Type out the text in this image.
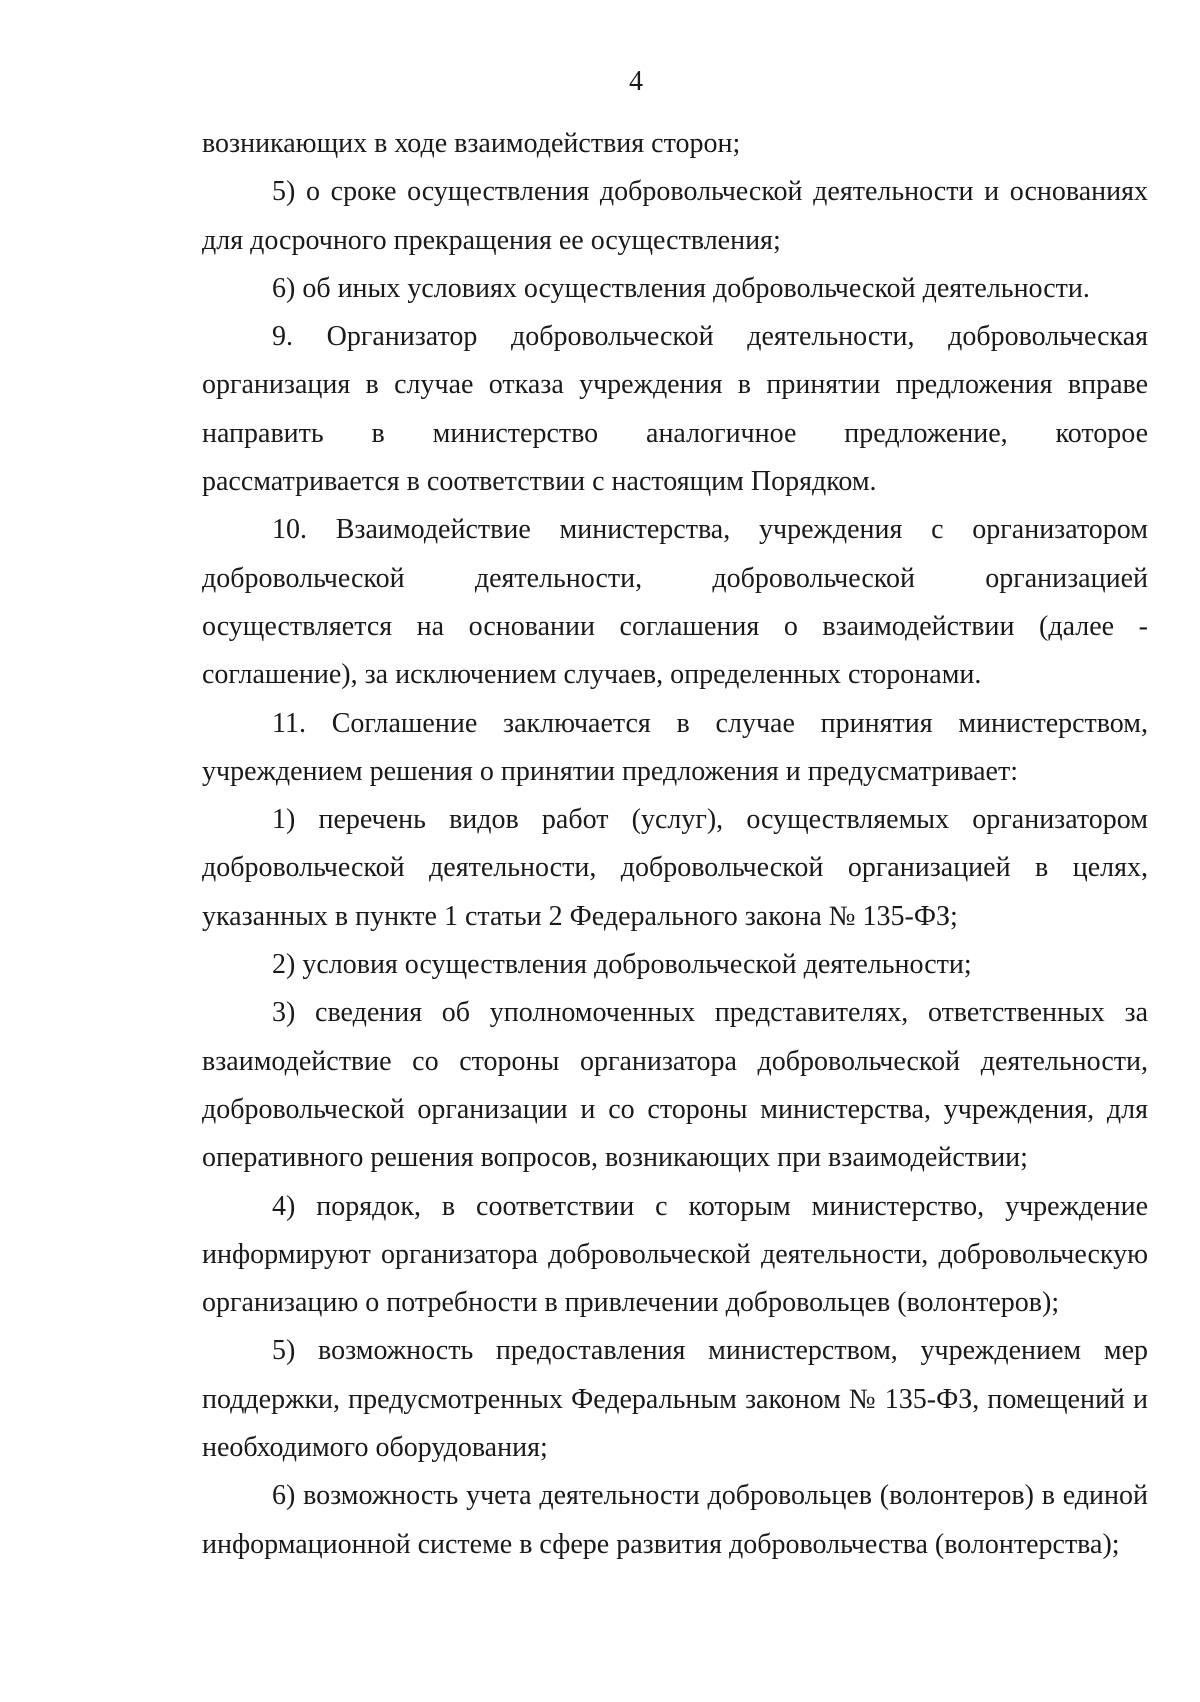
4

возникающих в ходе взаимодействия сторон;

5) о сроке осуществления добровольческой деятельности и основаниях для досрочного прекращения ее осуществления;

6) об иных условиях осуществления добровольческой деятельности.

9. Организатор добровольческой деятельности, добровольческая организация в случае отказа учреждения в принятии предложения вправе направить в министерство аналогичное предложение, которое рассматривается в соответствии с настоящим Порядком.

10. Взаимодействие министерства, учреждения с организатором добровольческой деятельности, добровольческой организацией осуществляется на основании соглашения о взаимодействии (далее - соглашение), за исключением случаев, определенных сторонами.

11. Соглашение заключается в случае принятия министерством, учреждением решения о принятии предложения и предусматривает:

1) перечень видов работ (услуг), осуществляемых организатором добровольческой деятельности, добровольческой организацией в целях, указанных в пункте 1 статьи 2 Федерального закона № 135-ФЗ;

2) условия осуществления добровольческой деятельности;

3) сведения об уполномоченных представителях, ответственных за взаимодействие со стороны организатора добровольческой деятельности, добровольческой организации и со стороны министерства, учреждения, для оперативного решения вопросов, возникающих при взаимодействии;

4) порядок, в соответствии с которым министерство, учреждение информируют организатора добровольческой деятельности, добровольческую организацию о потребности в привлечении добровольцев (волонтеров);

5) возможность предоставления министерством, учреждением мер поддержки, предусмотренных Федеральным законом № 135-ФЗ, помещений и необходимого оборудования;

6) возможность учета деятельности добровольцев (волонтеров) в единой информационной системе в сфере развития добровольчества (волонтерства);
